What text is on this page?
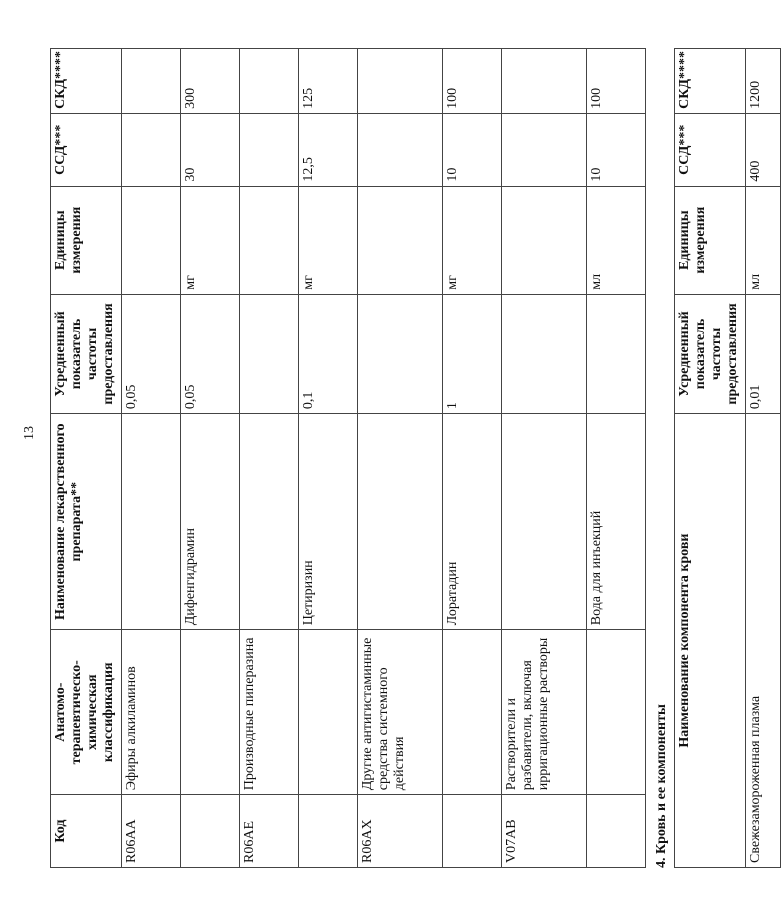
13
Код	Анатомо-терапевтическо-химическая классификация	Наименование лекарственного препарата**	Усредненный показатель частоты предоставления	Единицы измерения	ССД***	СКД****
R06AA	Эфиры алкиламинов		0,05			
		Дифенгидрамин	0,05	мг	30	300
R06AE	Производные пиперазина					
		Цетиризин	0,1	мг	12,5	125
R06AX	Другие антигистаминные средства системного действия					
		Лоратадин	1	мг	10	100
V07AB	Растворители и разбавители, включая ирригационные растворы					
		Вода для инъекций		мл	10	100
4. Кровь и ее компоненты
Наименование компонента крови	Усредненный показатель частоты предоставления	Единицы измерения	ССД***	СКД****
Свежезамороженная плазма	0,01	мл	400	1200
